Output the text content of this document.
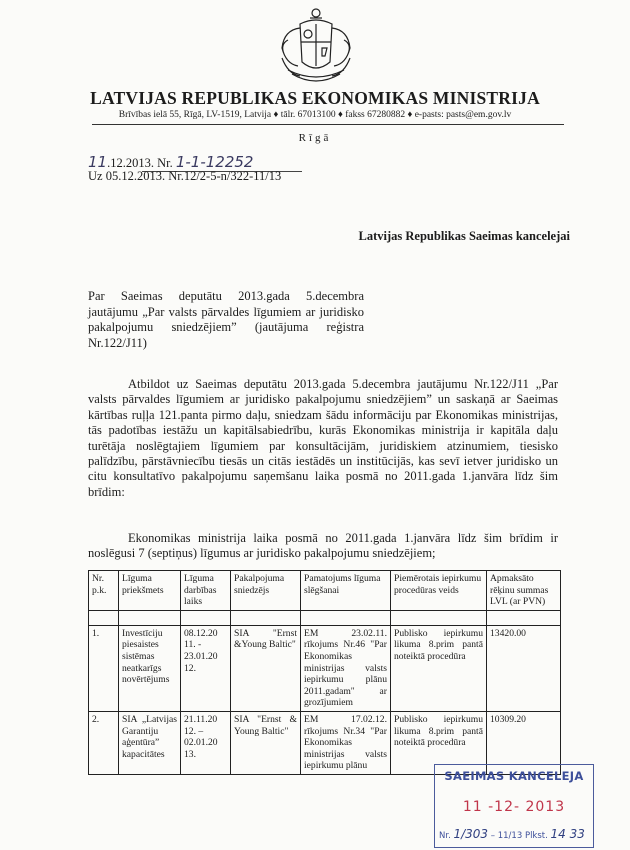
LATVIJAS REPUBLIKAS EKONOMIKAS MINISTRIJA
Brīvības ielā 55, Rīgā, LV-1519, Latvija ♦ tālr. 67013100 ♦ fakss 67280882 ♦ e-pasts: pasts@em.gov.lv
Rīgā
11.12.2013. Nr. 1-1-12252
Uz 05.12.2013. Nr.12/2-5-n/322-11/13
Latvijas Republikas Saeimas kancelejai
Par Saeimas deputātu 2013.gada 5.decembra jautājumu „Par valsts pārvaldes līgumiem ar juridisko pakalpojumu sniedzējiem” (jautājuma reģistra Nr.122/J11)
Atbildot uz Saeimas deputātu 2013.gada 5.decembra jautājumu Nr.122/J11 „Par valsts pārvaldes līgumiem ar juridisko pakalpojumu sniedzējiem” un saskaņā ar Saeimas kārtības ruļļa 121.panta pirmo daļu, sniedzam šādu informāciju par Ekonomikas ministrijas, tās padotības iestāžu un kapitālsabiedrību, kurās Ekonomikas ministrija ir kapitāla daļu turētāja noslēgtajiem līgumiem par konsultācijām, juridiskiem atzinumiem, tiesisko palīdzību, pārstāvniecību tiesās un citās iestādēs un institūcijās, kas sevī ietver juridisko un citu konsultatīvo pakalpojumu saņemšanu laika posmā no 2011.gada 1.janvāra līdz šim brīdim:
Ekonomikas ministrija laika posmā no 2011.gada 1.janvāra līdz šim brīdim ir noslēgusi 7 (septiņus) līgumus ar juridisko pakalpojumu sniedzējiem;
Nr. p.k.	Līguma priekšmets	Līguma darbības laiks	Pakalpojuma sniedzējs	Pamatojums līguma slēgšanai	Piemērotais iepirkumu procedūras veids	Apmaksāto rēķinu summas LVL (ar PVN)

1.	Investīciju piesaistes sistēmas neatkarīgs novērtējums	08.12.20 11. - 23.01.20 12.	SIA "Ernst &Young Baltic"	EM 23.02.11. rīkojums Nr.46 "Par Ekonomikas ministrijas valsts iepirkumu plānu 2011.gadam" ar grozījumiem	Publisko iepirkumu likuma 8.prim pantā noteiktā procedūra	13420.00
2.	SIA „Latvijas Garantiju aģentūra” kapacitātes	21.11.20 12. – 02.01.20 13.	SIA "Ernst & Young Baltic"	EM 17.02.12. rīkojums Nr.34 "Par Ekonomikas ministrijas valsts iepirkumu plānu	Publisko iepirkumu likuma 8.prim pantā noteiktā procedūra	10309.20
SAEIMAS KANCELEJA
11 -12- 2013
Nr. 1/303 – 11/13 Plkst. 14 33
